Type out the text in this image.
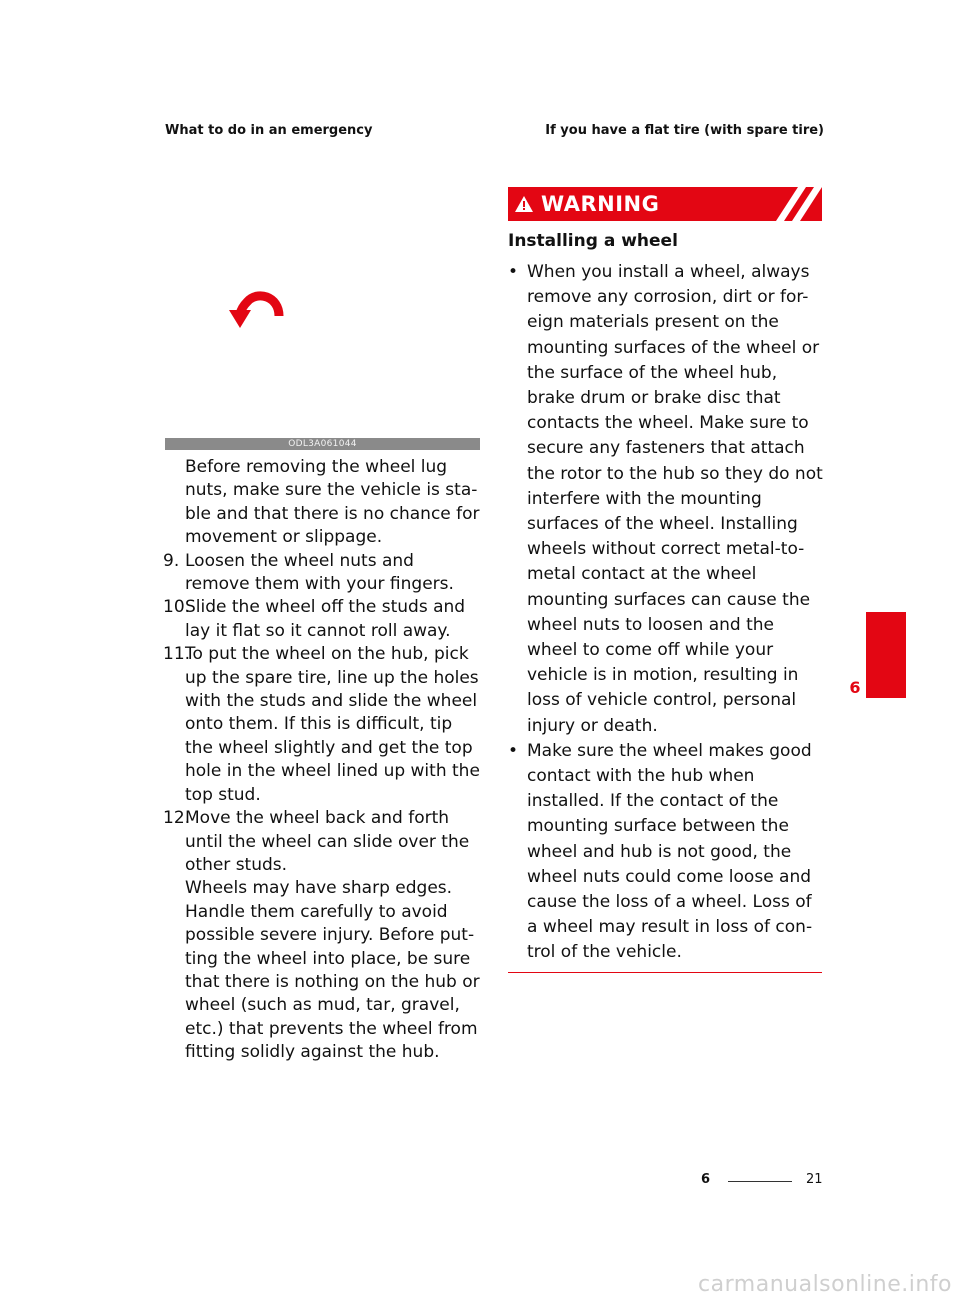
What to do in an emergency	If you have a flat tire (with spare tire)
ODL3A061044

Before removing the wheel lug nuts, make sure the vehicle is sta-ble and that there is no chance for movement or slippage.

9. Loosen the wheel nuts and remove them with your fingers.
10.
Slide the wheel off the studs and lay it flat so it cannot roll away.
11.
To put the wheel on the hub, pick up the spare tire, line up the holes with the studs and slide the wheel onto them. If this is difficult, tip the wheel slightly and get the top hole in the wheel lined up with the top stud.
12.
Move the wheel back and forth until the wheel can slide over the other studs.

Wheels may have sharp edges. Handle them carefully to avoid possible severe injury. Before put-ting the wheel into place, be sure that there is nothing on the hub or wheel (such as mud, tar, gravel, etc.) that prevents the wheel from fitting solidly against the hub.

WARNING

Installing a wheel

• When you install a wheel, always remove any corrosion, dirt or for-eign materials present on the mounting surfaces of the wheel or the surface of the wheel hub, brake drum or brake disc that contacts the wheel. Make sure to secure any fasteners that attach the rotor to the hub so they do not interfere with the mounting surfaces of the wheel. Installing wheels without correct metal-to-metal contact at the wheel mounting surfaces can cause the wheel nuts to loosen and the wheel to come off while your vehicle is in motion, resulting in loss of vehicle control, personal injury or death.
• Make sure the wheel makes good contact with the hub when installed. If the contact of the mounting surface between the wheel and hub is not good, the wheel nuts could come loose and cause the loss of a wheel. Loss of a wheel may result in loss of con-trol of the vehicle.
6
6	21
carmanualsonline.info
